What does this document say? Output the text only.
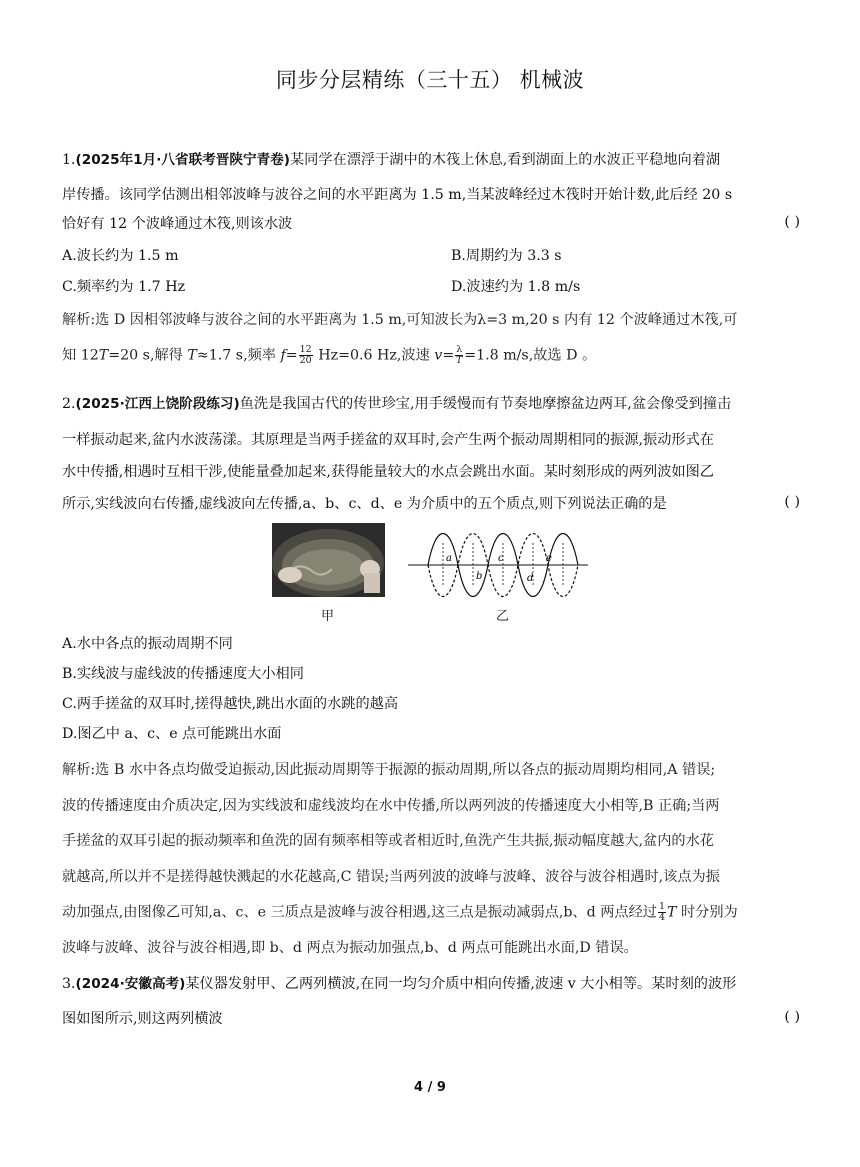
同步分层精练（三十五） 机械波
1.(2025年1月·八省联考晋陕宁青卷)某同学在漂浮于湖中的木筏上休息,看到湖面上的水波正平稳地向着湖
岸传播。该同学估测出相邻波峰与波谷之间的水平距离为 1.5 m,当某波峰经过木筏时开始计数,此后经 20 s
恰好有 12 个波峰通过木筏,则该水波	( )
A.波长约为 1.5 m	B.周期约为 3.3 s
C.频率约为 1.7 Hz	D.波速约为 1.8 m/s
解析:选 D 因相邻波峰与波谷之间的水平距离为 1.5 m,可知波长为λ=3 m,20 s 内有 12 个波峰通过木筏,可
知 12T=20 s,解得 T≈1.7 s,频率 $f= \frac{12}{20} Hz=0.6$ Hz,波速 $v= \frac{\lambda}{T}=1.8$ m/s,故选 D 。
2.(2025·江西上饶阶段练习)鱼洗是我国古代的传世珍宝,用手缓慢而有节奏地摩擦盆边两耳,盆会像受到撞击
一样振动起来,盆内水波荡漾。其原理是当两手搓盆的双耳时,会产生两个振动周期相同的振源,振动形式在
水中传播,相遇时互相干涉,使能量叠加起来,获得能量较大的水点会跳出水面。某时刻形成的两列波如图乙
所示,实线波向右传播,虚线波向左传播,a、b、c、d、e 为介质中的五个质点,则下列说法正确的是	( )
甲
a
b
c
d
e
乙
A.水中各点的振动周期不同
B.实线波与虚线波的传播速度大小相同
C.两手搓盆的双耳时,搓得越快,跳出水面的水跳的越高
D.图乙中 a、c、e 点可能跳出水面
解析:选 B 水中各点均做受迫振动,因此振动周期等于振源的振动周期,所以各点的振动周期均相同,A 错误;
波的传播速度由介质决定,因为实线波和虚线波均在水中传播,所以两列波的传播速度大小相等,B 正确;当两
手搓盆的双耳引起的振动频率和鱼洗的固有频率相等或者相近时,鱼洗产生共振,振动幅度越大,盆内的水花
就越高,所以并不是搓得越快溅起的水花越高,C 错误;当两列波的波峰与波峰、波谷与波谷相遇时,该点为振
动加强点,由图像乙可知,a、c、e 三质点是波峰与波谷相遇,这三点是振动减弱点,b、d 两点经过 $\frac{1}{4}$ T 时分别为
波峰与波峰、波谷与波谷相遇,即 b、d 两点为振动加强点,b、d 两点可能跳出水面,D 错误。
3.(2024·安徽高考)某仪器发射甲、乙两列横波,在同一均匀介质中相向传播,波速 v 大小相等。某时刻的波形
图如图所示,则这两列横波	( )
4 / 9
